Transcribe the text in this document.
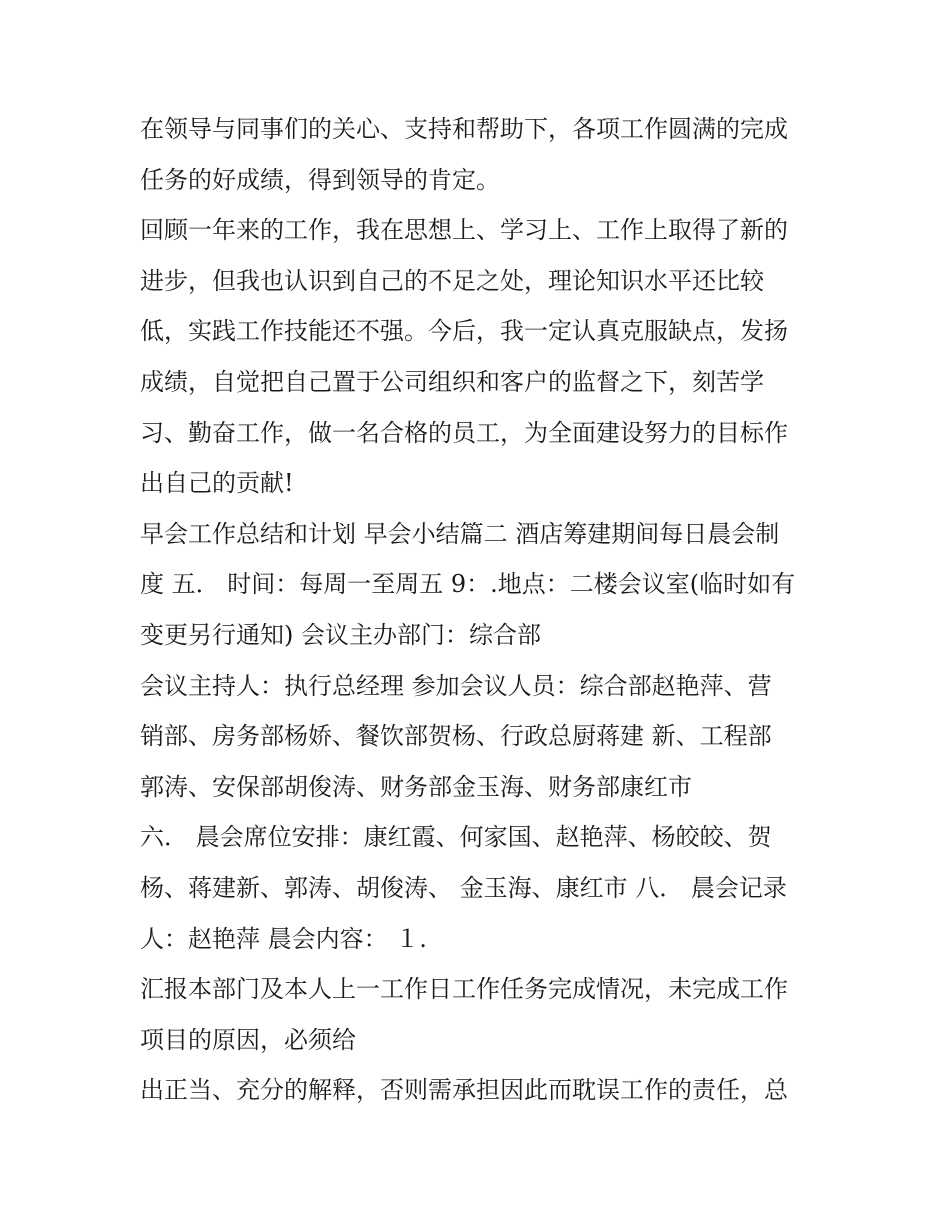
在领导与同事们的关心、支持和帮助下，各项工作圆满的完成
任务的好成绩，得到领导的肯定。
回顾一年来的工作，我在思想上、学习上、工作上取得了新的
进步，但我也认识到自己的不足之处，理论知识水平还比较
低，实践工作技能还不强。今后，我一定认真克服缺点，发扬
成绩，自觉把自己置于公司组织和客户的监督之下，刻苦学
习、勤奋工作，做一名合格的员工，为全面建设努力的目标作
出自己的贡献!
早会工作总结和计划 早会小结篇二 酒店筹建期间每日晨会制
度 五． 时间：每周一至周五 9：.地点：二楼会议室(临时如有
变更另行通知) 会议主办部门：综合部
会议主持人：执行总经理 参加会议人员：综合部赵艳萍、营
销部、房务部杨娇、餐饮部贺杨、行政总厨蒋建 新、工程部
郭涛、安保部胡俊涛、财务部金玉海、财务部康红市
六． 晨会席位安排：康红霞、何家国、赵艳萍、杨皎皎、贺
杨、蒋建新、郭涛、胡俊涛、 金玉海、康红市 八． 晨会记录
人：赵艳萍 晨会内容： １.
汇报本部门及本人上一工作日工作任务完成情况，未完成工作
项目的原因，必须给
出正当、充分的解释，否则需承担因此而耽误工作的责任，总
